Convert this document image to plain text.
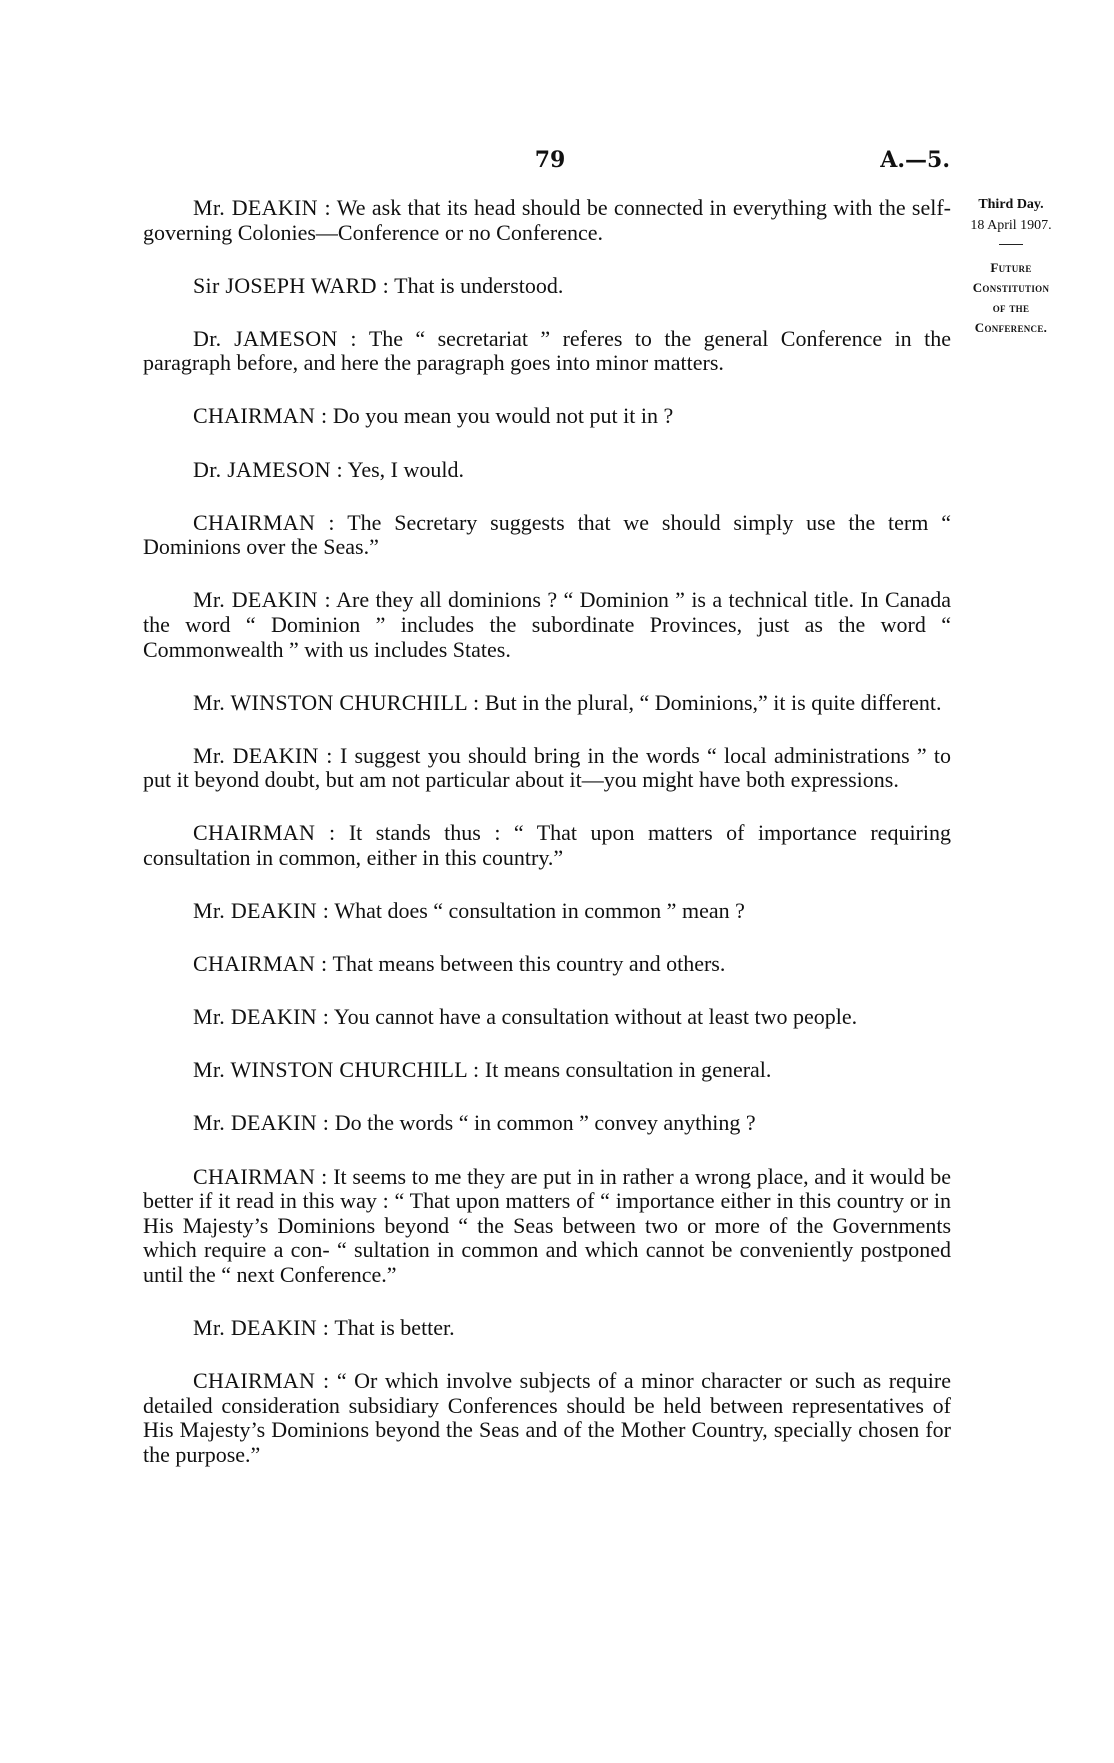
79	A.—5.
Third Day.
18 April 1907.
Future
Constitution
of the
Conference.

Mr. DEAKIN : We ask that its head should be connected in everything with the self-governing Colonies—Conference or no Conference.

Sir JOSEPH WARD : That is understood.

Dr. JAMESON : The “ secretariat ” referes to the general Conference in the paragraph before, and here the paragraph goes into minor matters.

CHAIRMAN : Do you mean you would not put it in ?

Dr. JAMESON : Yes, I would.

CHAIRMAN : The Secretary suggests that we should simply use the term “ Dominions over the Seas.”

Mr. DEAKIN : Are they all dominions ? “ Dominion ” is a technical title. In Canada the word “ Dominion ” includes the subordinate Provinces, just as the word “ Commonwealth ” with us includes States.

Mr. WINSTON CHURCHILL : But in the plural, “ Dominions,” it is quite different.

Mr. DEAKIN : I suggest you should bring in the words “ local administrations ” to put it beyond doubt, but am not particular about it—you might have both expressions.

CHAIRMAN : It stands thus : “ That upon matters of importance requiring consultation in common, either in this country.”

Mr. DEAKIN : What does “ consultation in common ” mean ?

CHAIRMAN : That means between this country and others.

Mr. DEAKIN : You cannot have a consultation without at least two people.

Mr. WINSTON CHURCHILL : It means consultation in general.

Mr. DEAKIN : Do the words “ in common ” convey anything ?

CHAIRMAN : It seems to me they are put in in rather a wrong place, and it would be better if it read in this way : “ That upon matters of “ importance either in this country or in His Majesty’s Dominions beyond “ the Seas between two or more of the Governments which require a con- “ sultation in common and which cannot be conveniently postponed until the “ next Conference.”

Mr. DEAKIN : That is better.

CHAIRMAN : “ Or which involve subjects of a minor character or such as require detailed consideration subsidiary Conferences should be held between representatives of His Majesty’s Dominions beyond the Seas and of the Mother Country, specially chosen for the purpose.”
